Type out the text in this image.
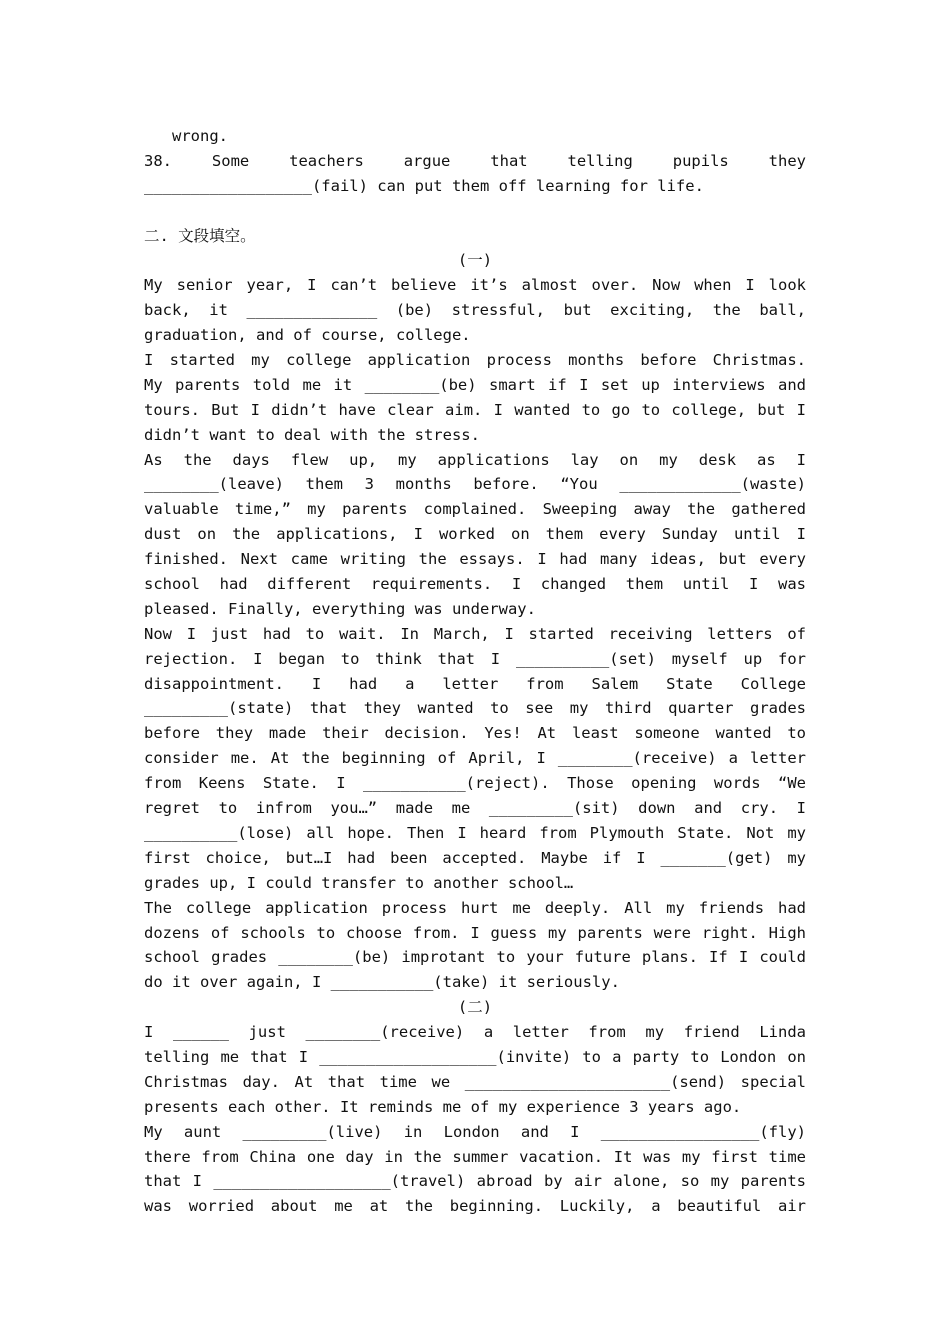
wrong.
38. Some teachers argue that telling pupils they
__________________(fail) can put them off learning for life.
二. 文段填空。
(一)
My senior year, I can’t believe it’s almost over. Now when I look
back, it ______________ (be) stressful, but exciting, the ball,
graduation, and of course, college.
I started my college application process months before Christmas.
My parents told me it ________(be) smart if I set up interviews and
tours. But I didn’t have clear aim. I wanted to go to college, but I
didn’t want to deal with the stress.
As the days flew up, my applications lay on my desk as I
________(leave) them 3 months before. “You _____________(waste)
valuable time,” my parents complained. Sweeping away the gathered
dust on the applications, I worked on them every Sunday until I
finished. Next came writing the essays. I had many ideas, but every
school had different requirements. I changed them until I was
pleased. Finally, everything was underway.
Now I just had to wait. In March, I started receiving letters of
rejection. I began to think that I __________(set) myself up for
disappointment. I had a letter from Salem State College
_________(state) that they wanted to see my third quarter grades
before they made their decision. Yes! At least someone wanted to
consider me. At the beginning of April, I ________(receive) a letter
from Keens State. I ___________(reject). Those opening words “We
regret to infrom you…” made me _________(sit) down and cry. I
__________(lose) all hope. Then I heard from Plymouth State. Not my
first choice, but…I had been accepted. Maybe if I _______(get) my
grades up, I could transfer to another school…
The college application process hurt me deeply. All my friends had
dozens of schools to choose from. I guess my parents were right. High
school grades ________(be) improtant to your future plans. If I could
do it over again, I ___________(take) it seriously.
(二)
I ______ just ________(receive) a letter from my friend Linda
telling me that I ___________________(invite) to a party to London on
Christmas day. At that time we ______________________(send) special
presents each other. It reminds me of my experience 3 years ago.
My aunt _________(live) in London and I _________________(fly)
there from China one day in the summer vacation. It was my first time
that I ___________________(travel) abroad by air alone, so my parents
was worried about me at the beginning. Luckily, a beautiful air
